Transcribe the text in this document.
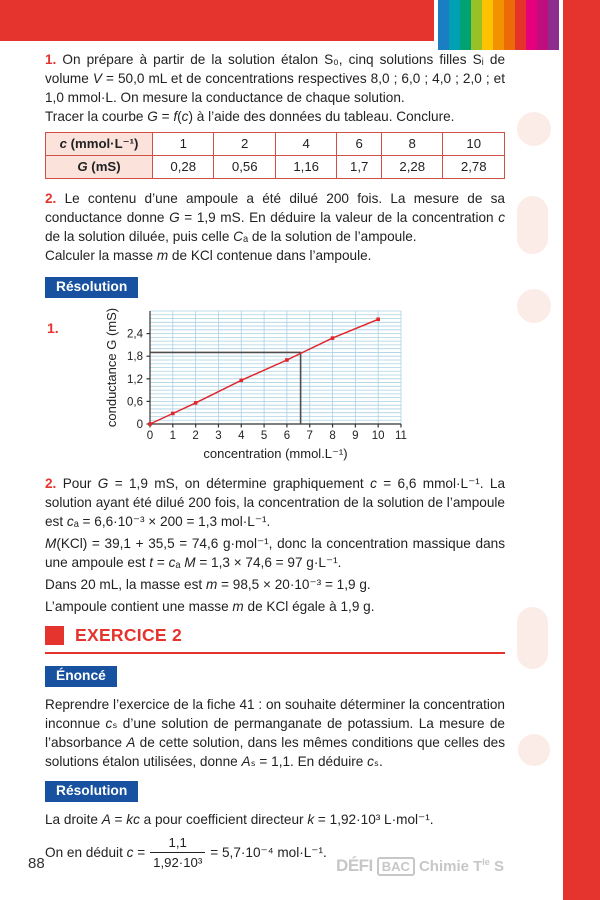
1. On prépare à partir de la solution étalon S₀, cinq solutions filles Sᵢ de volume V = 50,0 mL et de concentrations respectives 8,0 ; 6,0 ; 4,0 ; 2,0 ; et 1,0 mmol·L. On mesure la conductance de chaque solution.

Tracer la courbe G = f(c) à l’aide des données du tableau. Conclure.

c (mmol·L⁻¹)	1	2	4	6	8	10
G (mS)	0,28	0,56	1,16	1,7	2,28	2,78

2. Le contenu d’une ampoule a été dilué 200 fois. La mesure de sa conductance donne G = 1,9 mS. En déduire la valeur de la concentration c de la solution diluée, puis celle Cₐ de la solution de l’ampoule.

Calculer la masse m de KCl contenue dans l’ampoule.

Résolution
1.
0 1 2 3 4 5 6 7 8 9 10 11
0
0,6
1,2
1,8
2,4
concentration (mmol.L⁻¹)
conductance G (mS)

2. Pour G = 1,9 mS, on détermine graphiquement c = 6,6 mmol·L⁻¹. La solution ayant été dilué 200 fois, la concentration de la solution de l’ampoule est cₐ = 6,6·10⁻³ × 200 = 1,3 mol·L⁻¹.

M(KCl) = 39,1 + 35,5 = 74,6 g·mol⁻¹, donc la concentration massique dans une ampoule est t = cₐ M = 1,3 × 74,6 = 97 g·L⁻¹.

Dans 20 mL, la masse est m = 98,5 × 20·10⁻³ = 1,9 g.

L’ampoule contient une masse m de KCl égale à 1,9 g.

EXERCICE 2
Énoncé

Reprendre l’exercice de la fiche 41 : on souhaite déterminer la concentration inconnue cₛ d’une solution de permanganate de potassium. La mesure de l’absorbance A de cette solution, dans les mêmes conditions que celles des solutions étalon utilisées, donne Aₛ = 1,1. En déduire cₛ.

Résolution

La droite A = kc a pour coefficient directeur k = 1,92·10³ L·mol⁻¹.

On en déduit $c = \frac{1,1}{\text{1,92·10³}} = 5,7\cdot 10^{-4}$ mol·L⁻¹.
88	DÉFI BAC Chimie $T^{le}$ S
